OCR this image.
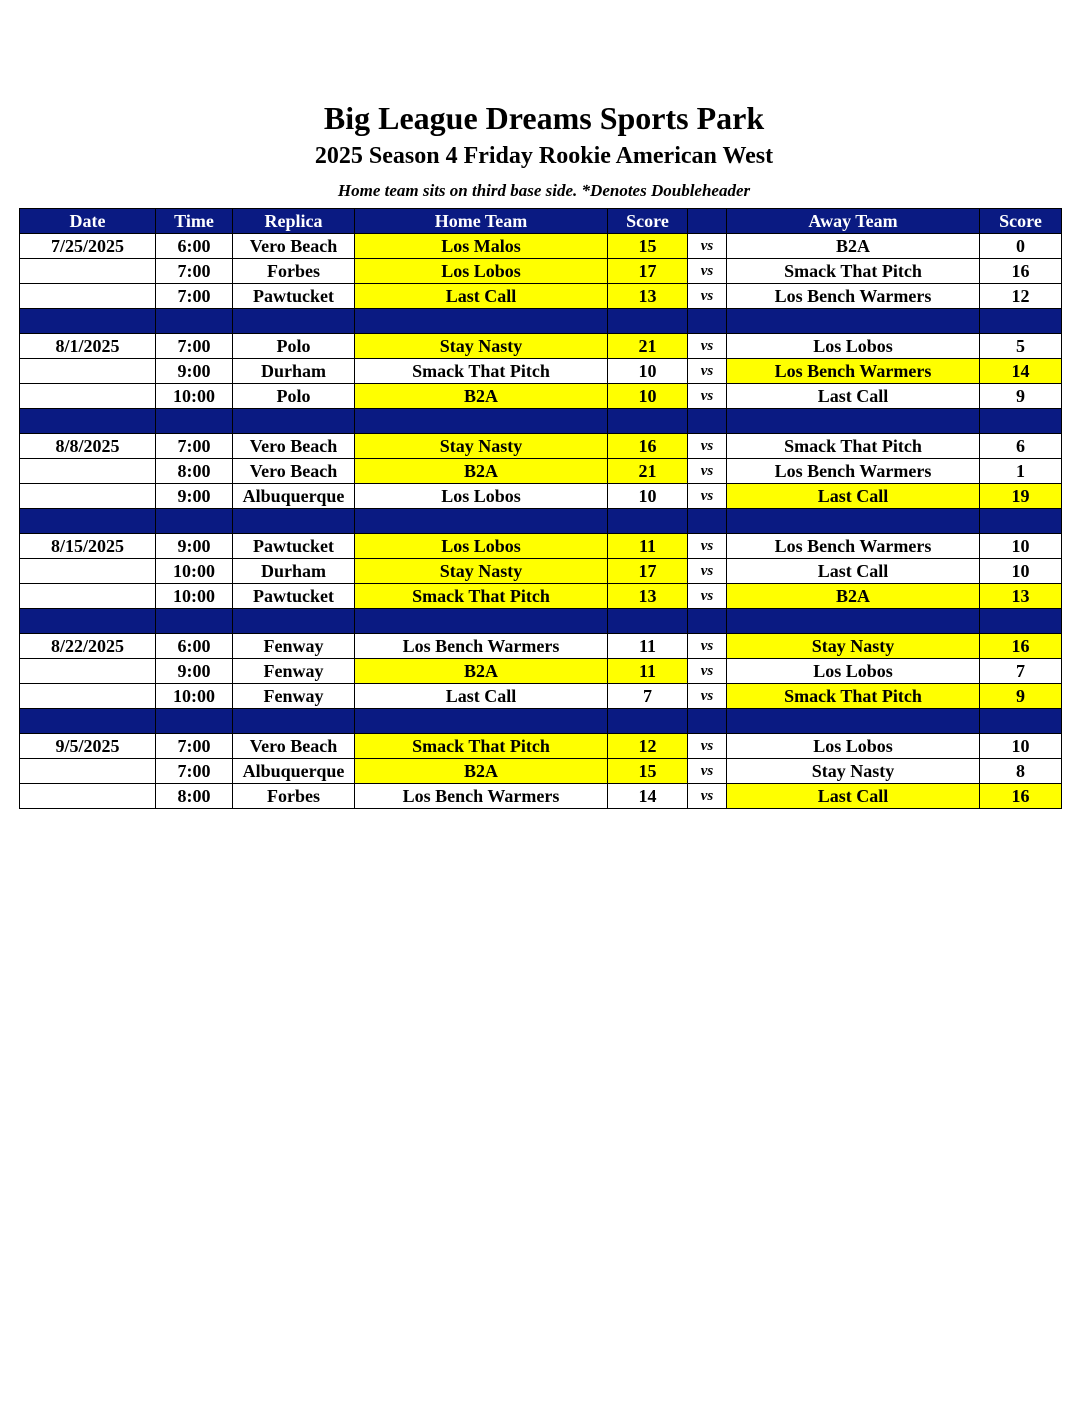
Big League Dreams Sports Park
2025 Season 4 Friday Rookie American West
Home team sits on third base side. *Denotes Doubleheader
Date	Time	Replica	Home Team	Score		Away Team	Score
7/25/2025	6:00	Vero Beach	Los Malos	15	vs	B2A	0
	7:00	Forbes	Los Lobos	17	vs	Smack That Pitch	16
	7:00	Pawtucket	Last Call	13	vs	Los Bench Warmers	12

8/1/2025	7:00	Polo	Stay Nasty	21	vs	Los Lobos	5
	9:00	Durham	Smack That Pitch	10	vs	Los Bench Warmers	14
	10:00	Polo	B2A	10	vs	Last Call	9

8/8/2025	7:00	Vero Beach	Stay Nasty	16	vs	Smack That Pitch	6
	8:00	Vero Beach	B2A	21	vs	Los Bench Warmers	1
	9:00	Albuquerque	Los Lobos	10	vs	Last Call	19

8/15/2025	9:00	Pawtucket	Los Lobos	11	vs	Los Bench Warmers	10
	10:00	Durham	Stay Nasty	17	vs	Last Call	10
	10:00	Pawtucket	Smack That Pitch	13	vs	B2A	13

8/22/2025	6:00	Fenway	Los Bench Warmers	11	vs	Stay Nasty	16
	9:00	Fenway	B2A	11	vs	Los Lobos	7
	10:00	Fenway	Last Call	7	vs	Smack That Pitch	9

9/5/2025	7:00	Vero Beach	Smack That Pitch	12	vs	Los Lobos	10
	7:00	Albuquerque	B2A	15	vs	Stay Nasty	8
	8:00	Forbes	Los Bench Warmers	14	vs	Last Call	16
